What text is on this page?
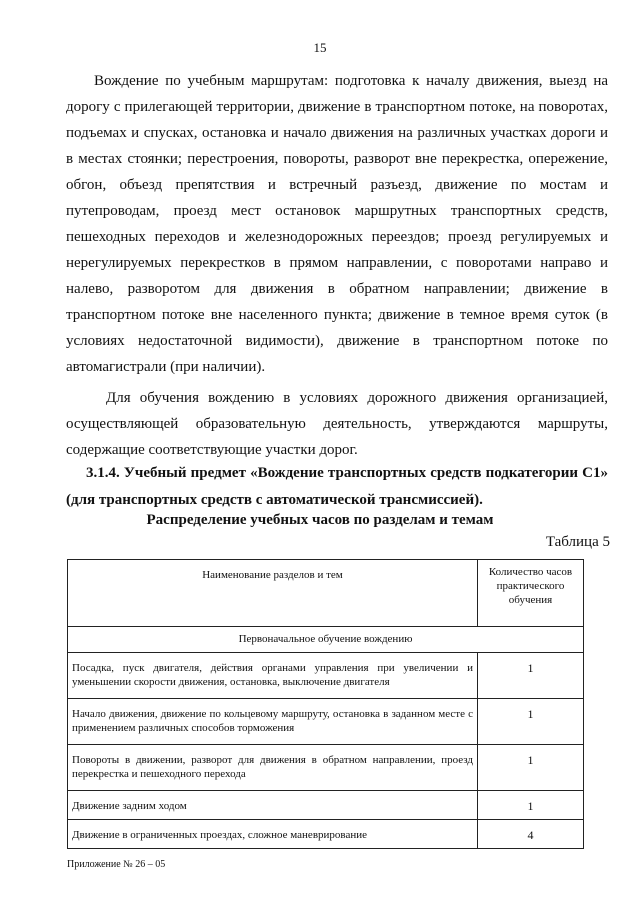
15

Вождение по учебным маршрутам: подготовка к началу движения, выезд на дорогу с прилегающей территории, движение в транспортном потоке, на поворотах, подъемах и спусках, остановка и начало движения на различных участках дороги и в местах стоянки; перестроения, повороты, разворот вне перекрестка, опережение, обгон, объезд препятствия и встречный разъезд, движение по мостам и путепроводам, проезд мест остановок маршрутных транспортных средств, пешеходных переходов и железнодорожных переездов; проезд регулируемых и нерегулируемых перекрестков в прямом направлении, с поворотами направо и налево, разворотом для движения в обратном направлении; движение в транспортном потоке вне населенного пункта; движение в темное время суток (в условиях недостаточной видимости), движение в транспортном потоке по автомагистрали (при наличии).

Для обучения вождению в условиях дорожного движения организацией, осуществляющей образовательную деятельность, утверждаются маршруты, содержащие соответствующие участки дорог.

3.1.4. Учебный предмет «Вождение транспортных средств подкатегории C1» (для транспортных средств с автоматической трансмиссией).

Распределение учебных часов по разделам и темам
Таблица 5
Наименование разделов и тем	Количество часов практического обучения
Первоначальное обучение вождению	
Посадка, пуск двигателя, действия органами управления при увеличении и уменьшении скорости движения, остановка, выключение двигателя	1
Начало движения, движение по кольцевому маршруту, остановка в заданном месте с применением различных способов торможения	1
Повороты в движении, разворот для движения в обратном направлении, проезд перекрестка и пешеходного перехода	1
Движение задним ходом	1
Движение в ограниченных проездах, сложное маневрирование	4
Приложение № 26 – 05
